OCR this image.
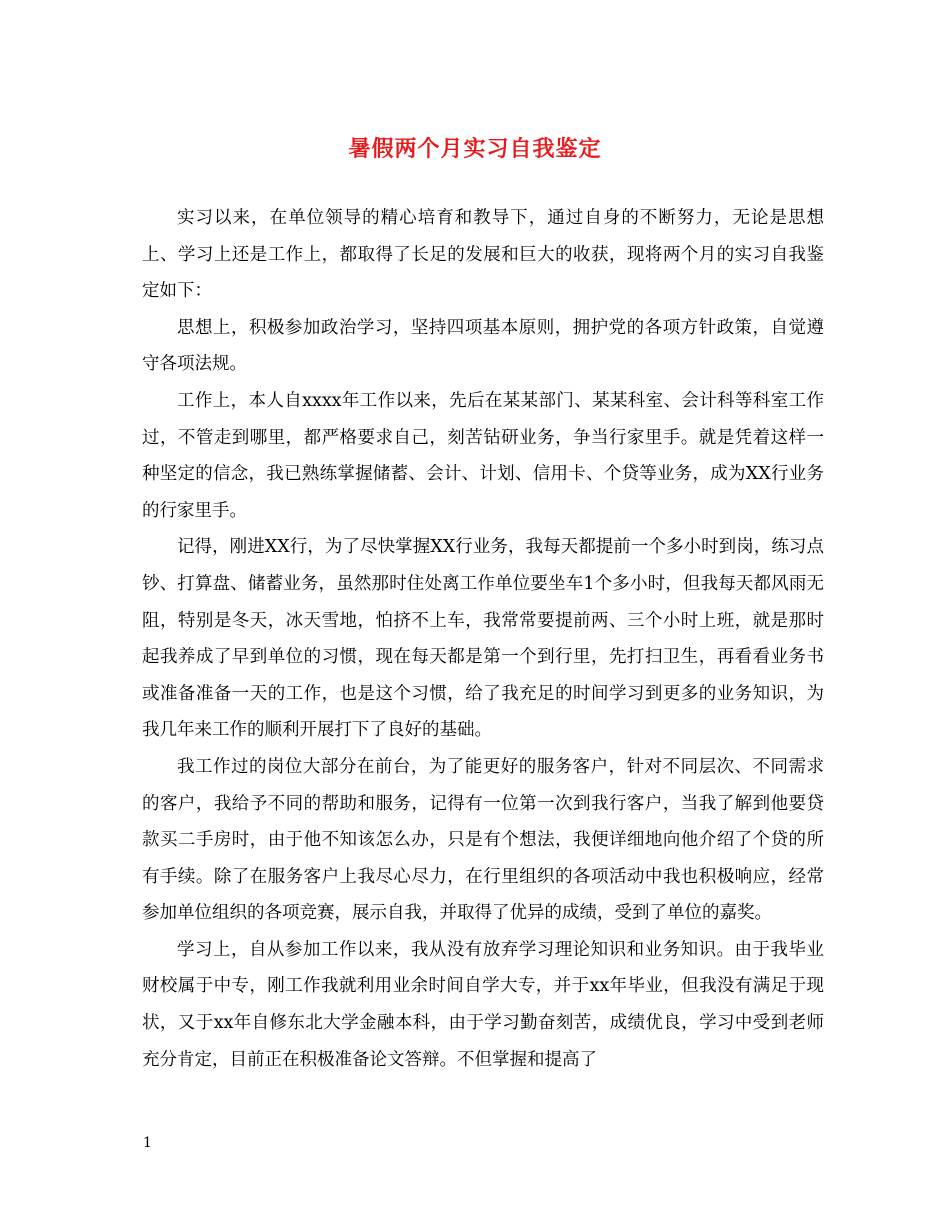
暑假两个月实习自我鉴定

实习以来，在单位领导的精心培育和教导下，通过自身的不断努力，无论是思想上、学习上还是工作上，都取得了长足的发展和巨大的收获，现将两个月的实习自我鉴定如下：

思想上，积极参加政治学习，坚持四项基本原则，拥护党的各项方针政策，自觉遵守各项法规。

工作上，本人自xxxx年工作以来，先后在某某部门、某某科室、会计科等科室工作过，不管走到哪里，都严格要求自己，刻苦钻研业务，争当行家里手。就是凭着这样一种坚定的信念，我已熟练掌握储蓄、会计、计划、信用卡、个贷等业务，成为XX行业务的行家里手。

记得，刚进XX行，为了尽快掌握XX行业务，我每天都提前一个多小时到岗，练习点钞、打算盘、储蓄业务，虽然那时住处离工作单位要坐车1个多小时，但我每天都风雨无阻，特别是冬天，冰天雪地，怕挤不上车，我常常要提前两、三个小时上班，就是那时起我养成了早到单位的习惯，现在每天都是第一个到行里，先打扫卫生，再看看业务书或准备准备一天的工作，也是这个习惯，给了我充足的时间学习到更多的业务知识，为我几年来工作的顺利开展打下了良好的基础。

我工作过的岗位大部分在前台，为了能更好的服务客户，针对不同层次、不同需求的客户，我给予不同的帮助和服务，记得有一位第一次到我行客户，当我了解到他要贷款买二手房时，由于他不知该怎么办，只是有个想法，我便详细地向他介绍了个贷的所有手续。除了在服务客户上我尽心尽力，在行里组织的各项活动中我也积极响应，经常参加单位组织的各项竞赛，展示自我，并取得了优异的成绩，受到了单位的嘉奖。

学习上，自从参加工作以来，我从没有放弃学习理论知识和业务知识。由于我毕业财校属于中专，刚工作我就利用业余时间自学大专，并于xx年毕业，但我没有满足于现状，又于xx年自修东北大学金融本科，由于学习勤奋刻苦，成绩优良，学习中受到老师充分肯定，目前正在积极准备论文答辩。不但掌握和提高了

1
